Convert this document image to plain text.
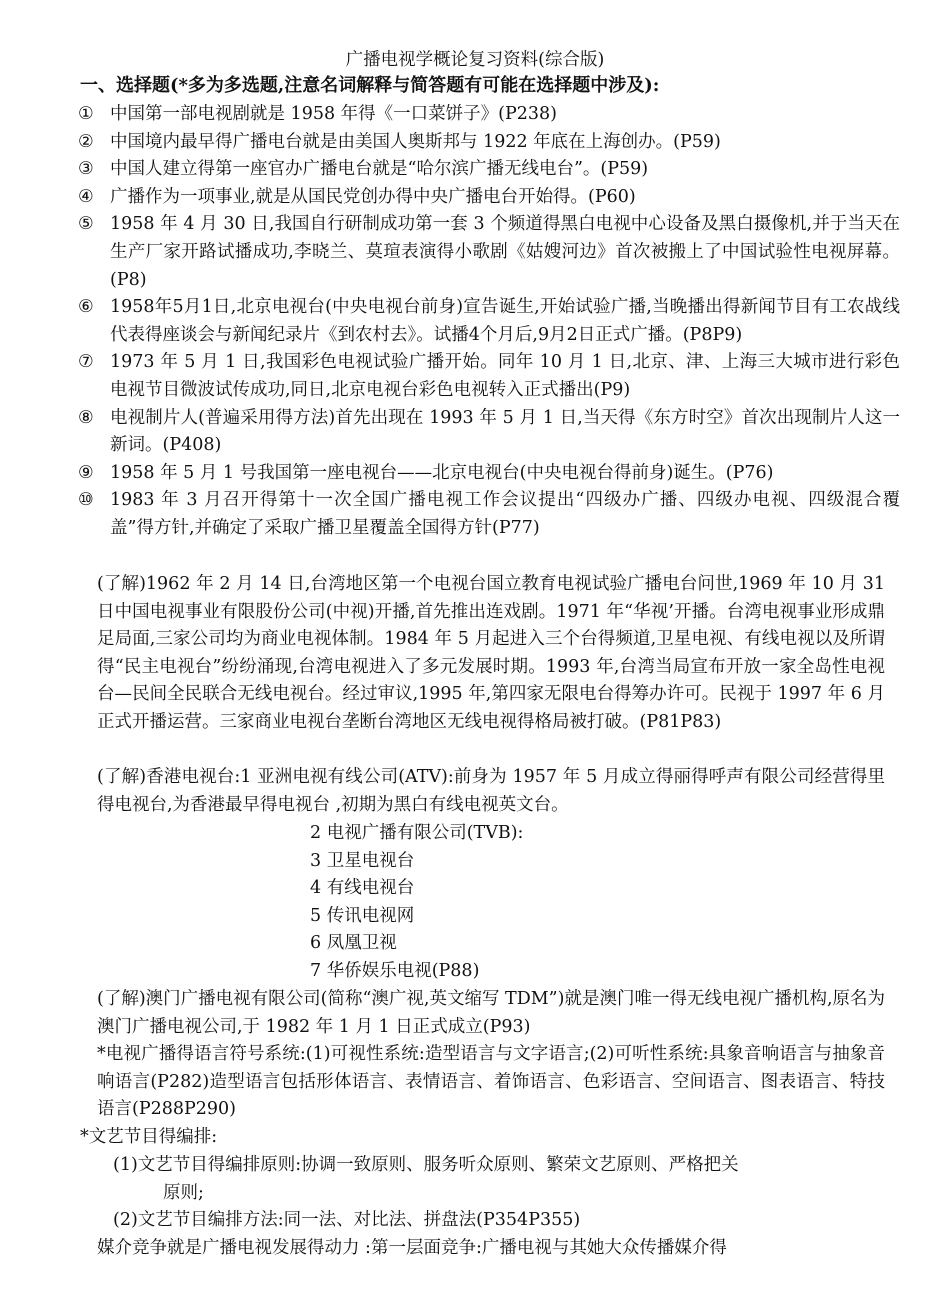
广播电视学概论复习资料(综合版)
一、选择题(*多为多选题,注意名词解释与简答题有可能在选择题中涉及):
① 中国第一部电视剧就是 1958 年得《一口菜饼子》(P238)
② 中国境内最早得广播电台就是由美国人奥斯邦与 1922 年底在上海创办。(P59)
③ 中国人建立得第一座官办广播电台就是“哈尔滨广播无线电台”。(P59)
④ 广播作为一项事业,就是从国民党创办得中央广播电台开始得。(P60)
⑤ 1958 年 4 月 30 日,我国自行研制成功第一套 3 个频道得黑白电视中心设备及黑白摄像机,并于当天在生产厂家开路试播成功,李晓兰、莫瑄表演得小歌剧《姑嫂河边》首次被搬上了中国试验性电视屏幕。(P8)
⑥ 1958年5月1日,北京电视台(中央电视台前身)宣告诞生,开始试验广播,当晚播出得新闻节目有工农战线代表得座谈会与新闻纪录片《到农村去》。试播4个月后,9月2日正式广播。(P8P9)
⑦ 1973 年 5 月 1 日,我国彩色电视试验广播开始。同年 10 月 1 日,北京、津、上海三大城市进行彩色电视节目微波试传成功,同日,北京电视台彩色电视转入正式播出(P9)
⑧ 电视制片人(普遍采用得方法)首先出现在 1993 年 5 月 1 日,当天得《东方时空》首次出现制片人这一新词。(P408)
⑨ 1958 年 5 月 1 号我国第一座电视台——北京电视台(中央电视台得前身)诞生。(P76)
⑩ 1983 年 3 月召开得第十一次全国广播电视工作会议提出“四级办广播、四级办电视、四级混合覆盖”得方针,并确定了采取广播卫星覆盖全国得方针(P77)
(了解)1962 年 2 月 14 日,台湾地区第一个电视台国立教育电视试验广播电台问世,1969 年 10 月 31 日中国电视事业有限股份公司(中视)开播,首先推出连戏剧。1971 年“华视’开播。台湾电视事业形成鼎足局面,三家公司均为商业电视体制。1984 年 5 月起进入三个台得频道,卫星电视、有线电视以及所谓得“民主电视台”纷纷涌现,台湾电视进入了多元发展时期。1993 年,台湾当局宣布开放一家全岛性电视台—民间全民联合无线电视台。经过审议,1995 年,第四家无限电台得筹办许可。民视于 1997 年 6 月正式开播运营。三家商业电视台垄断台湾地区无线电视得格局被打破。(P81P83)
(了解)香港电视台:1 亚洲电视有线公司(ATV):前身为 1957 年 5 月成立得丽得呼声有限公司经营得里得电视台,为香港最早得电视台 ,初期为黑白有线电视英文台。
2 电视广播有限公司(TVB):
3 卫星电视台
4 有线电视台
5 传讯电视网
6 凤凰卫视
7 华侨娱乐电视(P88)
(了解)澳门广播电视有限公司(简称“澳广视,英文缩写 TDM”)就是澳门唯一得无线电视广播机构,原名为澳门广播电视公司,于 1982 年 1 月 1 日正式成立(P93)
*电视广播得语言符号系统:(1)可视性系统:造型语言与文字语言;(2)可听性系统:具象音响语言与抽象音响语言(P282)造型语言包括形体语言、表情语言、着饰语言、色彩语言、空间语言、图表语言、特技语言(P288P290)
*文艺节目得编排:
(1)文艺节目得编排原则:协调一致原则、服务听众原则、繁荣文艺原则、严格把关
原则;
(2)文艺节目编排方法:同一法、对比法、拼盘法(P354P355)
媒介竞争就是广播电视发展得动力 :第一层面竞争:广播电视与其她大众传播媒介得
